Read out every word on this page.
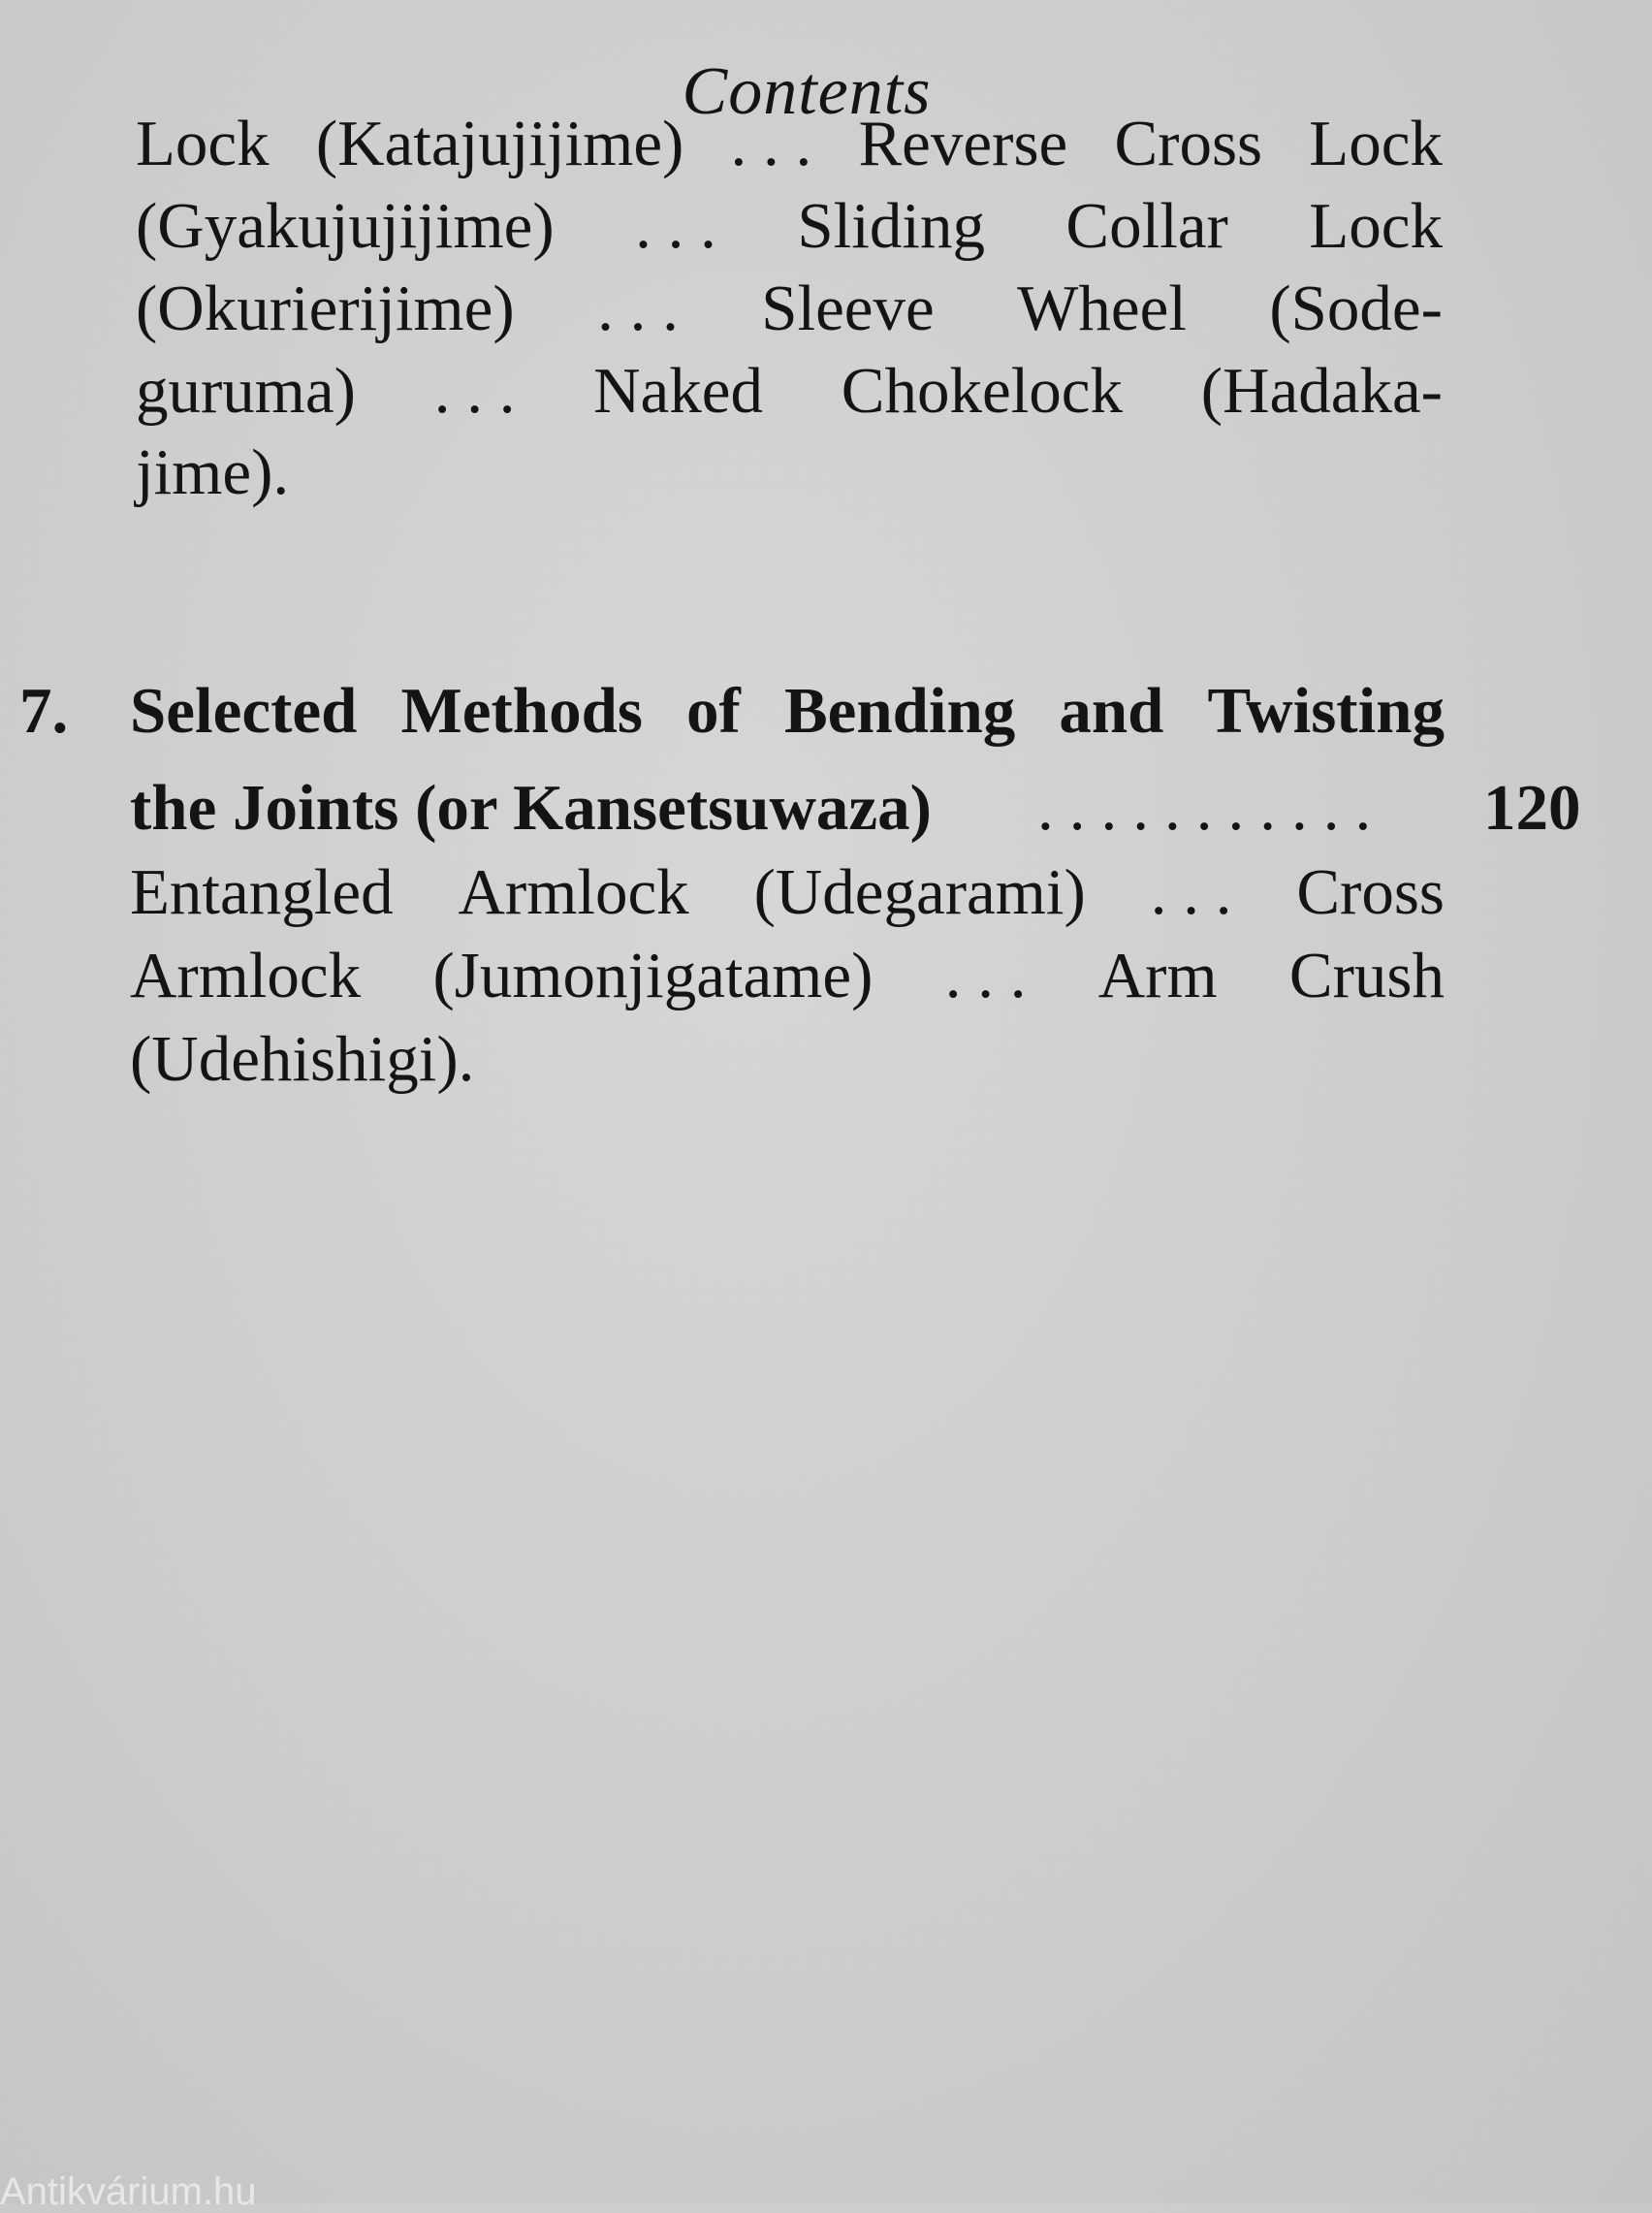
Contents
Lock (Katajujijime) . . . Reverse Cross Lock
(Gyakujujijime) . . . Sliding Collar Lock
(Okurierijime) . . . Sleeve Wheel (Sode-
guruma) . . . Naked Chokelock (Hadaka-
jime).
7. Selected Methods of Bending and Twisting
the Joints (or Kansetsuwaza)	........... 120
Entangled Armlock (Udegarami) . . . Cross
Armlock (Jumonjigatame) . . . Arm Crush
(Udehishigi).
Antikvárium.hu
